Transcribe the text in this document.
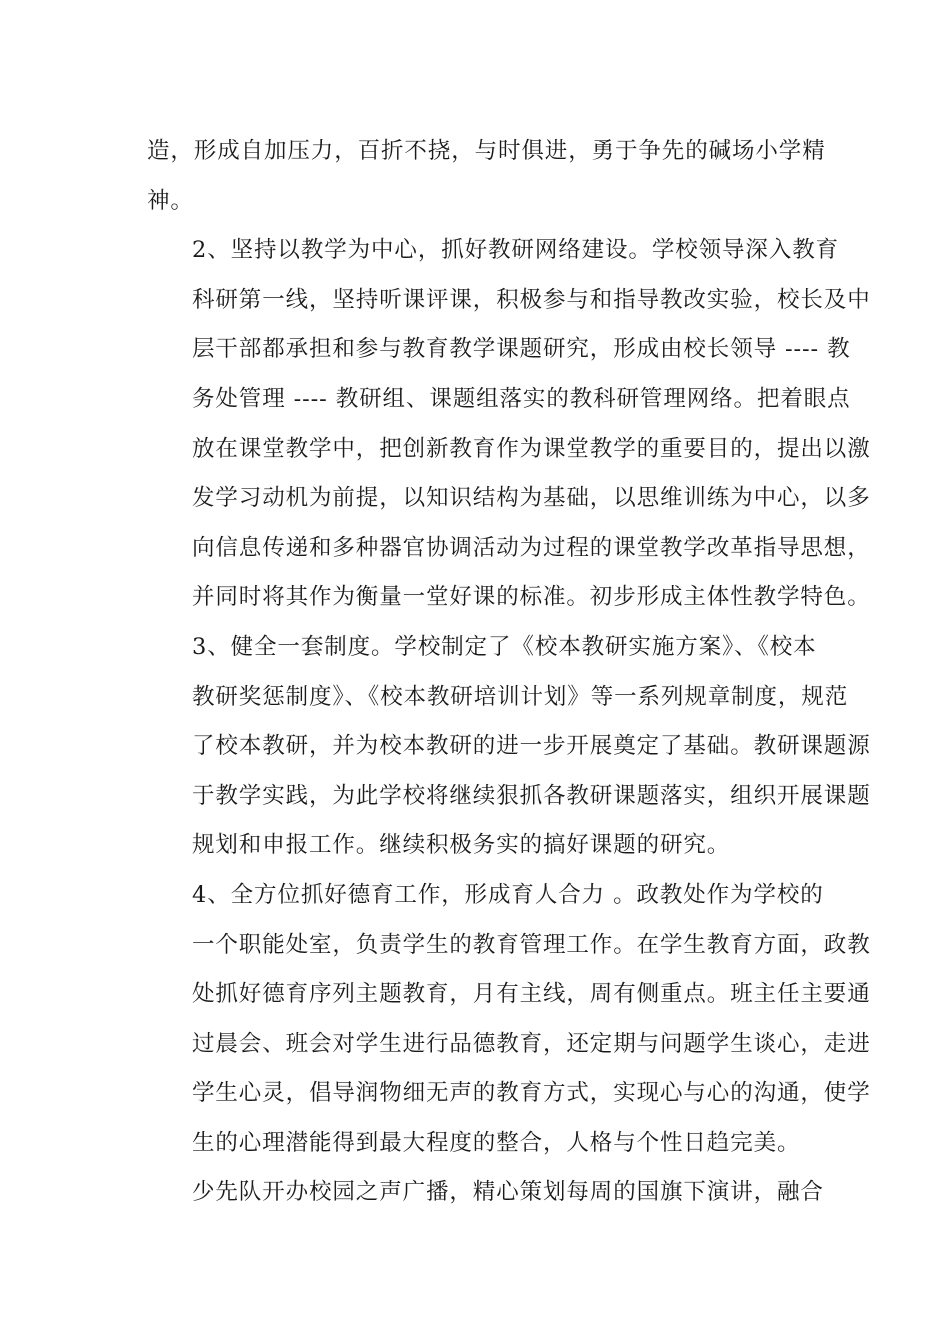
造，形成自加压力，百折不挠，与时俱进，勇于争先的碱场小学精
神。
2、坚持以教学为中心，抓好教研网络建设。学校领导深入教育
科研第一线，坚持听课评课，积极参与和指导教改实验，校长及中
层干部都承担和参与教育教学课题研究，形成由校长领导 ---- 教
务处管理 ---- 教研组、课题组落实的教科研管理网络。把着眼点
放在课堂教学中，把创新教育作为课堂教学的重要目的，提出以激
发学习动机为前提，以知识结构为基础，以思维训练为中心，以多
向信息传递和多种器官协调活动为过程的课堂教学改革指导思想，
并同时将其作为衡量一堂好课的标准。初步形成主体性教学特色。
3、健全一套制度。学校制定了《校本教研实施方案》、《校本
教研奖惩制度》、《校本教研培训计划》等一系列规章制度，规范
了校本教研，并为校本教研的进一步开展奠定了基础。教研课题源
于教学实践，为此学校将继续狠抓各教研课题落实，组织开展课题
规划和申报工作。继续积极务实的搞好课题的研究。
4、全方位抓好德育工作，形成育人合力 。政教处作为学校的
一个职能处室，负责学生的教育管理工作。在学生教育方面，政教
处抓好德育序列主题教育，月有主线，周有侧重点。班主任主要通
过晨会、班会对学生进行品德教育，还定期与问题学生谈心，走进
学生心灵，倡导润物细无声的教育方式，实现心与心的沟通，使学
生的心理潜能得到最大程度的整合，人格与个性日趋完美。
少先队开办校园之声广播，精心策划每周的国旗下演讲，融合
